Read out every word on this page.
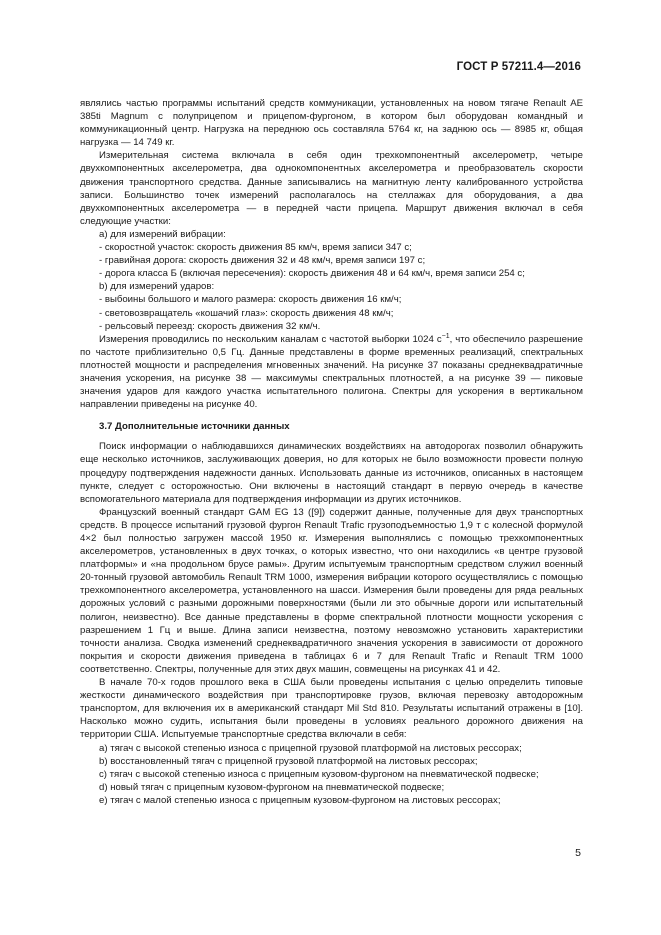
ГОСТ Р 57211.4—2016

являлись частью программы испытаний средств коммуникации, установленных на новом тягаче Renault AE 385ti Magnum с полуприцепом и прицепом-фургоном, в котором был оборудован командный и коммуникационный центр. Нагрузка на переднюю ось составляла 5764 кг, на заднюю ось — 8985 кг, общая нагрузка — 14 749 кг.

Измерительная система включала в себя один трехкомпонентный акселерометр, четыре двухкомпонентных акселерометра, два однокомпонентных акселерометра и преобразователь скорости движения транспортного средства. Данные записывались на магнитную ленту калиброванного устройства записи. Большинство точек измерений располагалось на стеллажах для оборудования, а два двухкомпонентных акселерометра — в передней части прицепа. Маршрут движения включал в себя следующие участки:

а) для измерений вибрации:

- скоростной участок: скорость движения 85 км/ч, время записи 347 с;

- гравийная дорога: скорость движения 32 и 48 км/ч, время записи 197 с;

- дорога класса Б (включая пересечения): скорость движения 48 и 64 км/ч, время записи 254 с;

b) для измерений ударов:

- выбоины большого и малого размера: скорость движения 16 км/ч;

- световозвращатель «кошачий глаз»: скорость движения 48 км/ч;

- рельсовый переезд: скорость движения 32 км/ч.

Измерения проводились по нескольким каналам с частотой выборки 1024 $с^{-1}$, что обеспечило разрешение по частоте приблизительно 0,5 Гц. Данные представлены в форме временных реализаций, спектральных плотностей мощности и распределения мгновенных значений. На рисунке 37 показаны среднеквадратичные значения ускорения, на рисунке 38 — максимумы спектральных плотностей, а на рисунке 39 — пиковые значения ударов для каждого участка испытательного полигона. Спектры для ускорения в вертикальном направлении приведены на рисунке 40.

3.7 Дополнительные источники данных

Поиск информации о наблюдавшихся динамических воздействиях на автодорогах позволил обнаружить еще несколько источников, заслуживающих доверия, но для которых не было возможности провести полную процедуру подтверждения надежности данных. Использовать данные из источников, описанных в настоящем пункте, следует с осторожностью. Они включены в настоящий стандарт в первую очередь в качестве вспомогательного материала для подтверждения информации из других источников.

Французский военный стандарт GAM EG 13 ([9]) содержит данные, полученные для двух транспортных средств. В процессе испытаний грузовой фургон Renault Trafic грузоподъемностью 1,9 т с колесной формулой 4×2 был полностью загружен массой 1950 кг. Измерения выполнялись с помощью трехкомпонентных акселерометров, установленных в двух точках, о которых известно, что они находились «в центре грузовой платформы» и «на продольном брусе рамы». Другим испытуемым транспортным средством служил военный 20-тонный грузовой автомобиль Renault TRM 1000, измерения вибрации которого осуществлялись с помощью трехкомпонентного акселерометра, установленного на шасси. Измерения были проведены для ряда реальных дорожных условий с разными дорожными поверхностями (были ли это обычные дороги или испытательный полигон, неизвестно). Все данные представлены в форме спектральной плотности мощности ускорения с разрешением 1 Гц и выше. Длина записи неизвестна, поэтому невозможно установить характеристики точности анализа. Сводка изменений среднеквадратичного значения ускорения в зависимости от дорожного покрытия и скорости движения приведена в таблицах 6 и 7 для Renault Trafic и Renault TRM 1000 соответственно. Спектры, полученные для этих двух машин, совмещены на рисунках 41 и 42.

В начале 70-х годов прошлого века в США были проведены испытания с целью определить типовые жесткости динамического воздействия при транспортировке грузов, включая перевозку автодорожным транспортом, для включения их в американский стандарт Mil Std 810. Результаты испытаний отражены в [10]. Насколько можно судить, испытания были проведены в условиях реального дорожного движения на территории США. Испытуемые транспортные средства включали в себя:

а) тягач с высокой степенью износа с прицепной грузовой платформой на листовых рессорах;

b) восстановленный тягач с прицепной грузовой платформой на листовых рессорах;

c) тягач с высокой степенью износа с прицепным кузовом-фургоном на пневматической подвеске;

d) новый тягач с прицепным кузовом-фургоном на пневматической подвеске;

е) тягач с малой степенью износа с прицепным кузовом-фургоном на листовых рессорах;

5
